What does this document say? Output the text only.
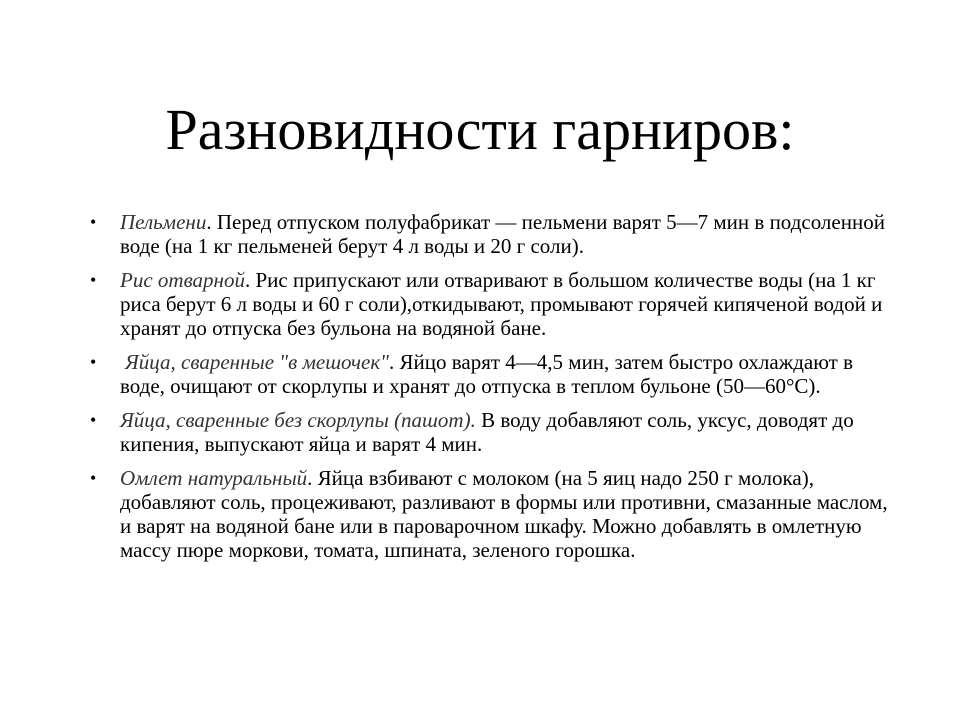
Разновидности гарниров:
• Пельмени. Перед отпуском полуфабрикат — пельмени варят 5—7 мин в подсоленной воде (на 1 кг пельменей берут 4 л воды и 20 г соли).
• Рис отварной. Рис припускают или отваривают в большом количестве воды (на 1 кг риса берут 6 л воды и 60 г соли),откидывают, промывают горячей кипяченой водой и хранят до отпуска без бульона на водяной бане.
• Яйца, сваренные "в мешочек". Яйцо варят 4—4,5 мин, затем быстро охлаждают в воде, очищают от скорлупы и хранят до отпуска в теплом бульоне (50—60°С).
• Яйца, сваренные без скорлупы (пашот). В воду добавляют соль, уксус, доводят до кипения, выпускают яйца и варят 4 мин.
• Омлет натуральный. Яйца взбивают с молоком (на 5 яиц надо 250 г молока), добавляют соль, процеживают, разливают в формы или противни, смазанные маслом, и варят на водяной бане или в пароварочном шкафу. Можно добавлять в омлетную массу пюре моркови, томата, шпината, зеленого горошка.
